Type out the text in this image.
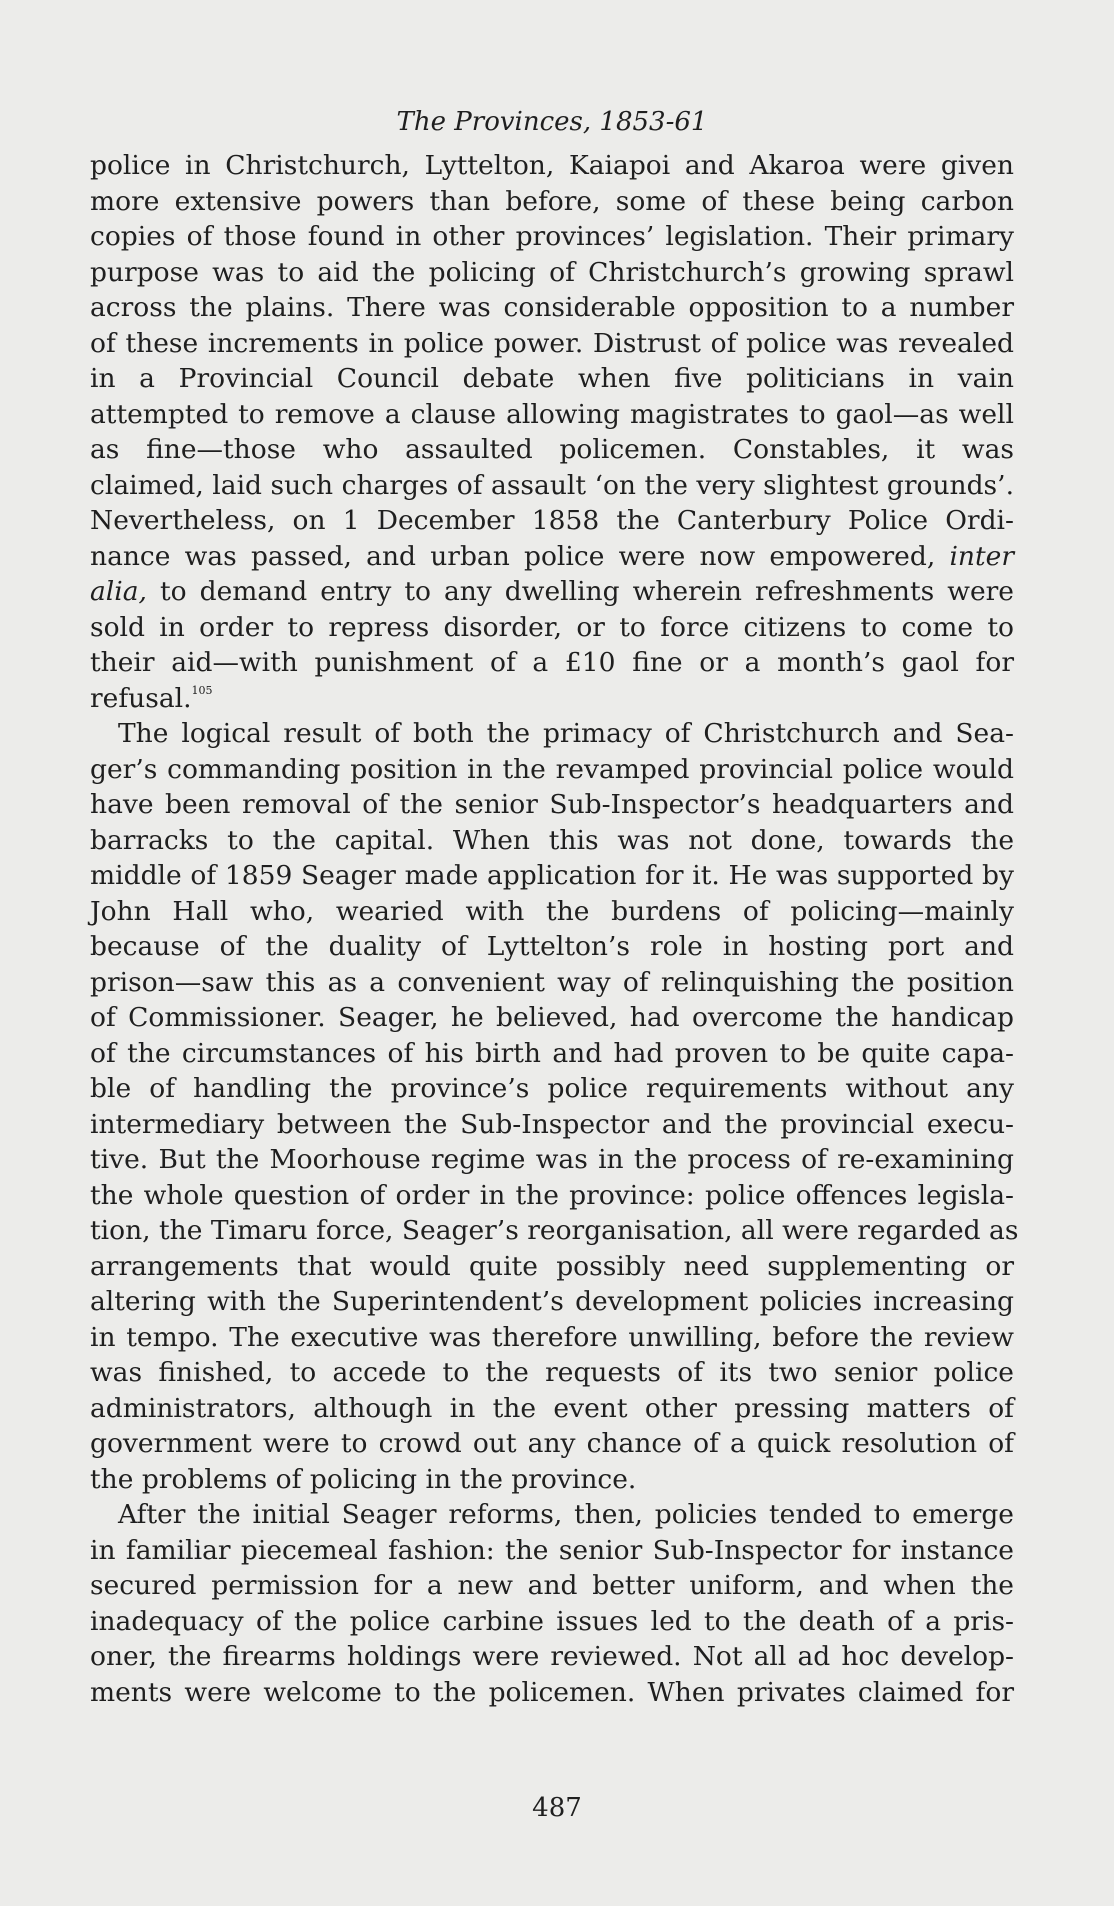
The Provinces, 1853-61
police in Christchurch, Lyttelton, Kaiapoi and Akaroa were given
more extensive powers than before, some of these being carbon
copies of those found in other provinces’ legislation. Their primary
purpose was to aid the policing of Christchurch’s growing sprawl
across the plains. There was considerable opposition to a number
of these increments in police power. Distrust of police was revealed
in a Provincial Council debate when five politicians in vain
attempted to remove a clause allowing magistrates to gaol—as well
as fine—those who assaulted policemen. Constables, it was
claimed, laid such charges of assault ‘on the very slightest grounds’.
Nevertheless, on 1 December 1858 the Canterbury Police Ordi-
nance was passed, and urban police were now empowered, inter
alia, to demand entry to any dwelling wherein refreshments were
sold in order to repress disorder, or to force citizens to come to
their aid—with punishment of a £10 fine or a month’s gaol for
refusal.$^{105}$
The logical result of both the primacy of Christchurch and Sea-
ger’s commanding position in the revamped provincial police would
have been removal of the senior Sub-Inspector’s headquarters and
barracks to the capital. When this was not done, towards the
middle of 1859 Seager made application for it. He was supported by
John Hall who, wearied with the burdens of policing—mainly
because of the duality of Lyttelton’s role in hosting port and
prison—saw this as a convenient way of relinquishing the position
of Commissioner. Seager, he believed, had overcome the handicap
of the circumstances of his birth and had proven to be quite capa-
ble of handling the province’s police requirements without any
intermediary between the Sub-Inspector and the provincial execu-
tive. But the Moorhouse regime was in the process of re-examining
the whole question of order in the province: police offences legisla-
tion, the Timaru force, Seager’s reorganisation, all were regarded as
arrangements that would quite possibly need supplementing or
altering with the Superintendent’s development policies increasing
in tempo. The executive was therefore unwilling, before the review
was finished, to accede to the requests of its two senior police
administrators, although in the event other pressing matters of
government were to crowd out any chance of a quick resolution of
the problems of policing in the province.
After the initial Seager reforms, then, policies tended to emerge
in familiar piecemeal fashion: the senior Sub-Inspector for instance
secured permission for a new and better uniform, and when the
inadequacy of the police carbine issues led to the death of a pris-
oner, the firearms holdings were reviewed. Not all ad hoc develop-
ments were welcome to the policemen. When privates claimed for
487
